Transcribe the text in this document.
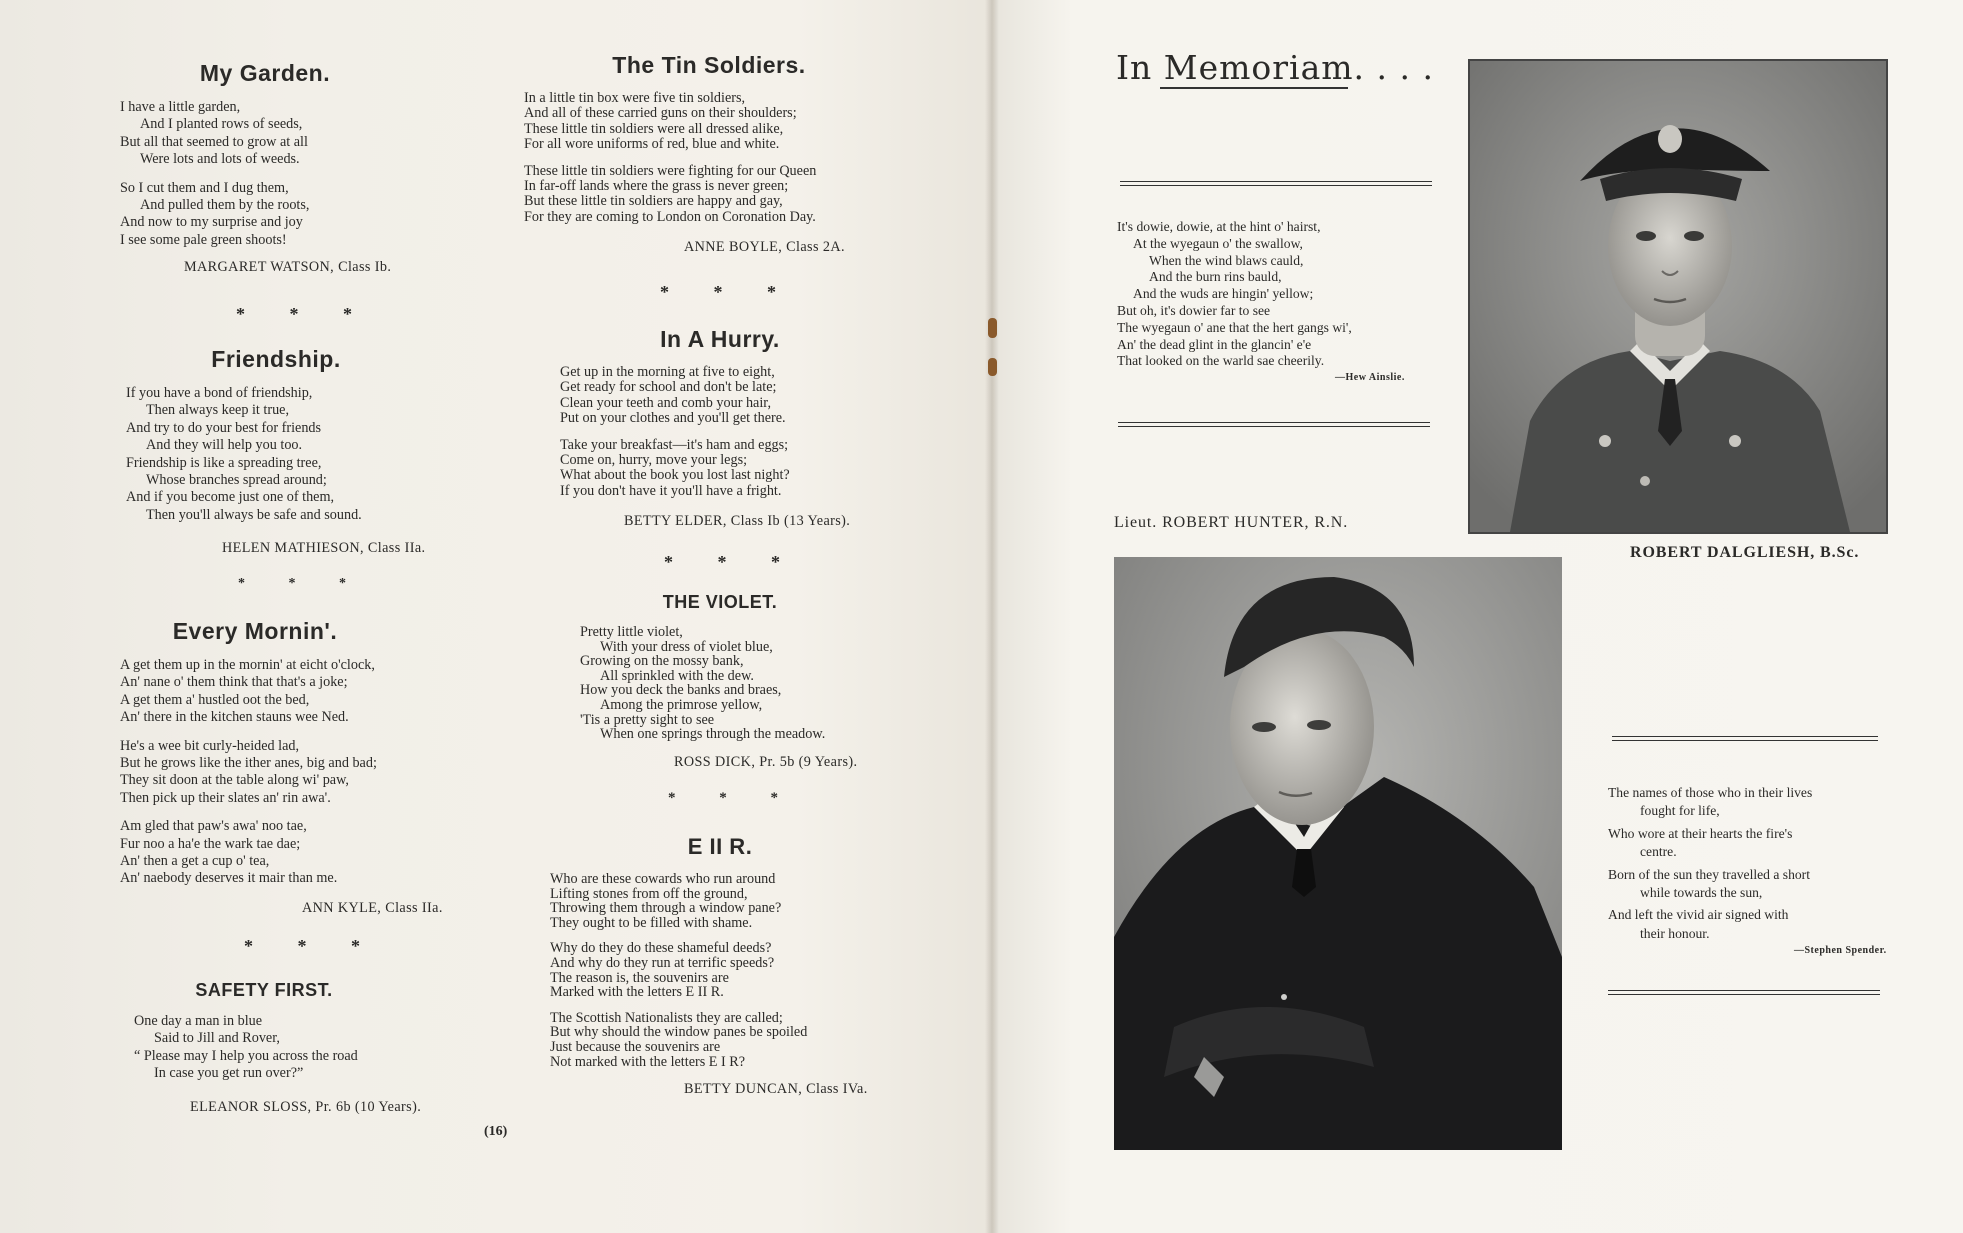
My Garden.
I have a little garden,
And I planted rows of seeds,
But all that seemed to grow at all
Were lots and lots of weeds.
So I cut them and I dug them,
And pulled them by the roots,
And now to my surprise and joy
I see some pale green shoots!
MARGARET WATSON, Class Ib.
* * *
Friendship.
If you have a bond of friendship,
Then always keep it true,
And try to do your best for friends
And they will help you too.
Friendship is like a spreading tree,
Whose branches spread around;
And if you become just one of them,
Then you'll always be safe and sound.
HELEN MATHIESON, Class IIa.
* * *
Every Mornin'.
A get them up in the mornin' at eicht o'clock,
An' nane o' them think that that's a joke;
A get them a' hustled oot the bed,
An' there in the kitchen stauns wee Ned.
He's a wee bit curly-heided lad,
But he grows like the ither anes, big and bad;
They sit doon at the table along wi' paw,
Then pick up their slates an' rin awa'.
Am gled that paw's awa' noo tae,
Fur noo a ha'e the wark tae dae;
An' then a get a cup o' tea,
An' naebody deserves it mair than me.
ANN KYLE, Class IIa.
* * *
SAFETY FIRST.
One day a man in blue
Said to Jill and Rover,
“ Please may I help you across the road
In case you get run over?”
ELEANOR SLOSS, Pr. 6b (10 Years).
(16)
The Tin Soldiers.
In a little tin box were five tin soldiers,
And all of these carried guns on their shoulders;
These little tin soldiers were all dressed alike,
For all wore uniforms of red, blue and white.
These little tin soldiers were fighting for our Queen
In far-off lands where the grass is never green;
But these little tin soldiers are happy and gay,
For they are coming to London on Coronation Day.
ANNE BOYLE, Class 2A.
* * *
In A Hurry.
Get up in the morning at five to eight,
Get ready for school and don't be late;
Clean your teeth and comb your hair,
Put on your clothes and you'll get there.
Take your breakfast—it's ham and eggs;
Come on, hurry, move your legs;
What about the book you lost last night?
If you don't have it you'll have a fright.
BETTY ELDER, Class Ib (13 Years).
* * *
THE VIOLET.
Pretty little violet,
With your dress of violet blue,
Growing on the mossy bank,
All sprinkled with the dew.
How you deck the banks and braes,
Among the primrose yellow,
'Tis a pretty sight to see
When one springs through the meadow.
ROSS DICK, Pr. 5b (9 Years).
* * *
E II R.
Who are these cowards who run around
Lifting stones from off the ground,
Throwing them through a window pane?
They ought to be filled with shame.
Why do they do these shameful deeds?
And why do they run at terrific speeds?
The reason is, the souvenirs are
Marked with the letters E II R.
The Scottish Nationalists they are called;
But why should the window panes be spoiled
Just because the souvenirs are
Not marked with the letters E I R?
BETTY DUNCAN, Class IVa.
In Memoriam. . . .
It's dowie, dowie, at the hint o' hairst,
At the wyegaun o' the swallow,
When the wind blaws cauld,
And the burn rins bauld,
And the wuds are hingin' yellow;
But oh, it's dowier far to see
The wyegaun o' ane that the hert gangs wi',
An' the dead glint in the glancin' e'e
That looked on the warld sae cheerily.
—Hew Ainslie.
Lieut. ROBERT HUNTER, R.N.
ROBERT DALGLIESH, B.Sc.
The names of those who in their lives
fought for life,
Who wore at their hearts the fire's
centre.
Born of the sun they travelled a short
while towards the sun,
And left the vivid air signed with
their honour.
—Stephen Spender.
